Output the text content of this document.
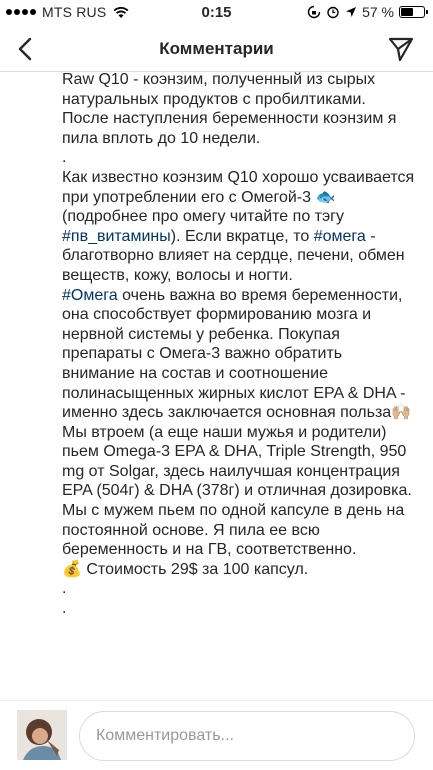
MTS RUS	0:15	57 %
Комментарии
Raw Q10 - коэнзим, полученный из сырых натуральных продуктов с пробилтиками.
После наступления беременности коэнзим я пила вплоть до 10 недели.
.
Как известно коэнзим Q10 хорошо усваивается при употреблении его с Омегой-3 🐟 (подробнее про омегу читайте по тэгу #пв_витамины). Если вкратце, то #омега - благотворно влияет на сердце, печени, обмен веществ, кожу, волосы и ногти.
#Омега очень важна во время беременности, она способствует формированию мозга и нервной системы у ребенка. Покупая препараты с Омега-3 важно обратить внимание на состав и соотношение полинасыщенных жирных кислот EPA & DHA - именно здесь заключается основная польза🙌🏼 Мы втроем (а еще наши мужья и родители) пьем Omega-3 EPA & DHA, Triple Strength, 950 mg от Solgar, здесь наилучшая концентрация EPA (504г) & DHA (378г) и отличная дозировка. Мы с мужем пьем по одной капсуле в день на постоянной основе. Я пила ее всю беременность и на ГВ, соответственно.
💰 Стоимость 29$ за 100 капсул.
.
.
Комментировать...
